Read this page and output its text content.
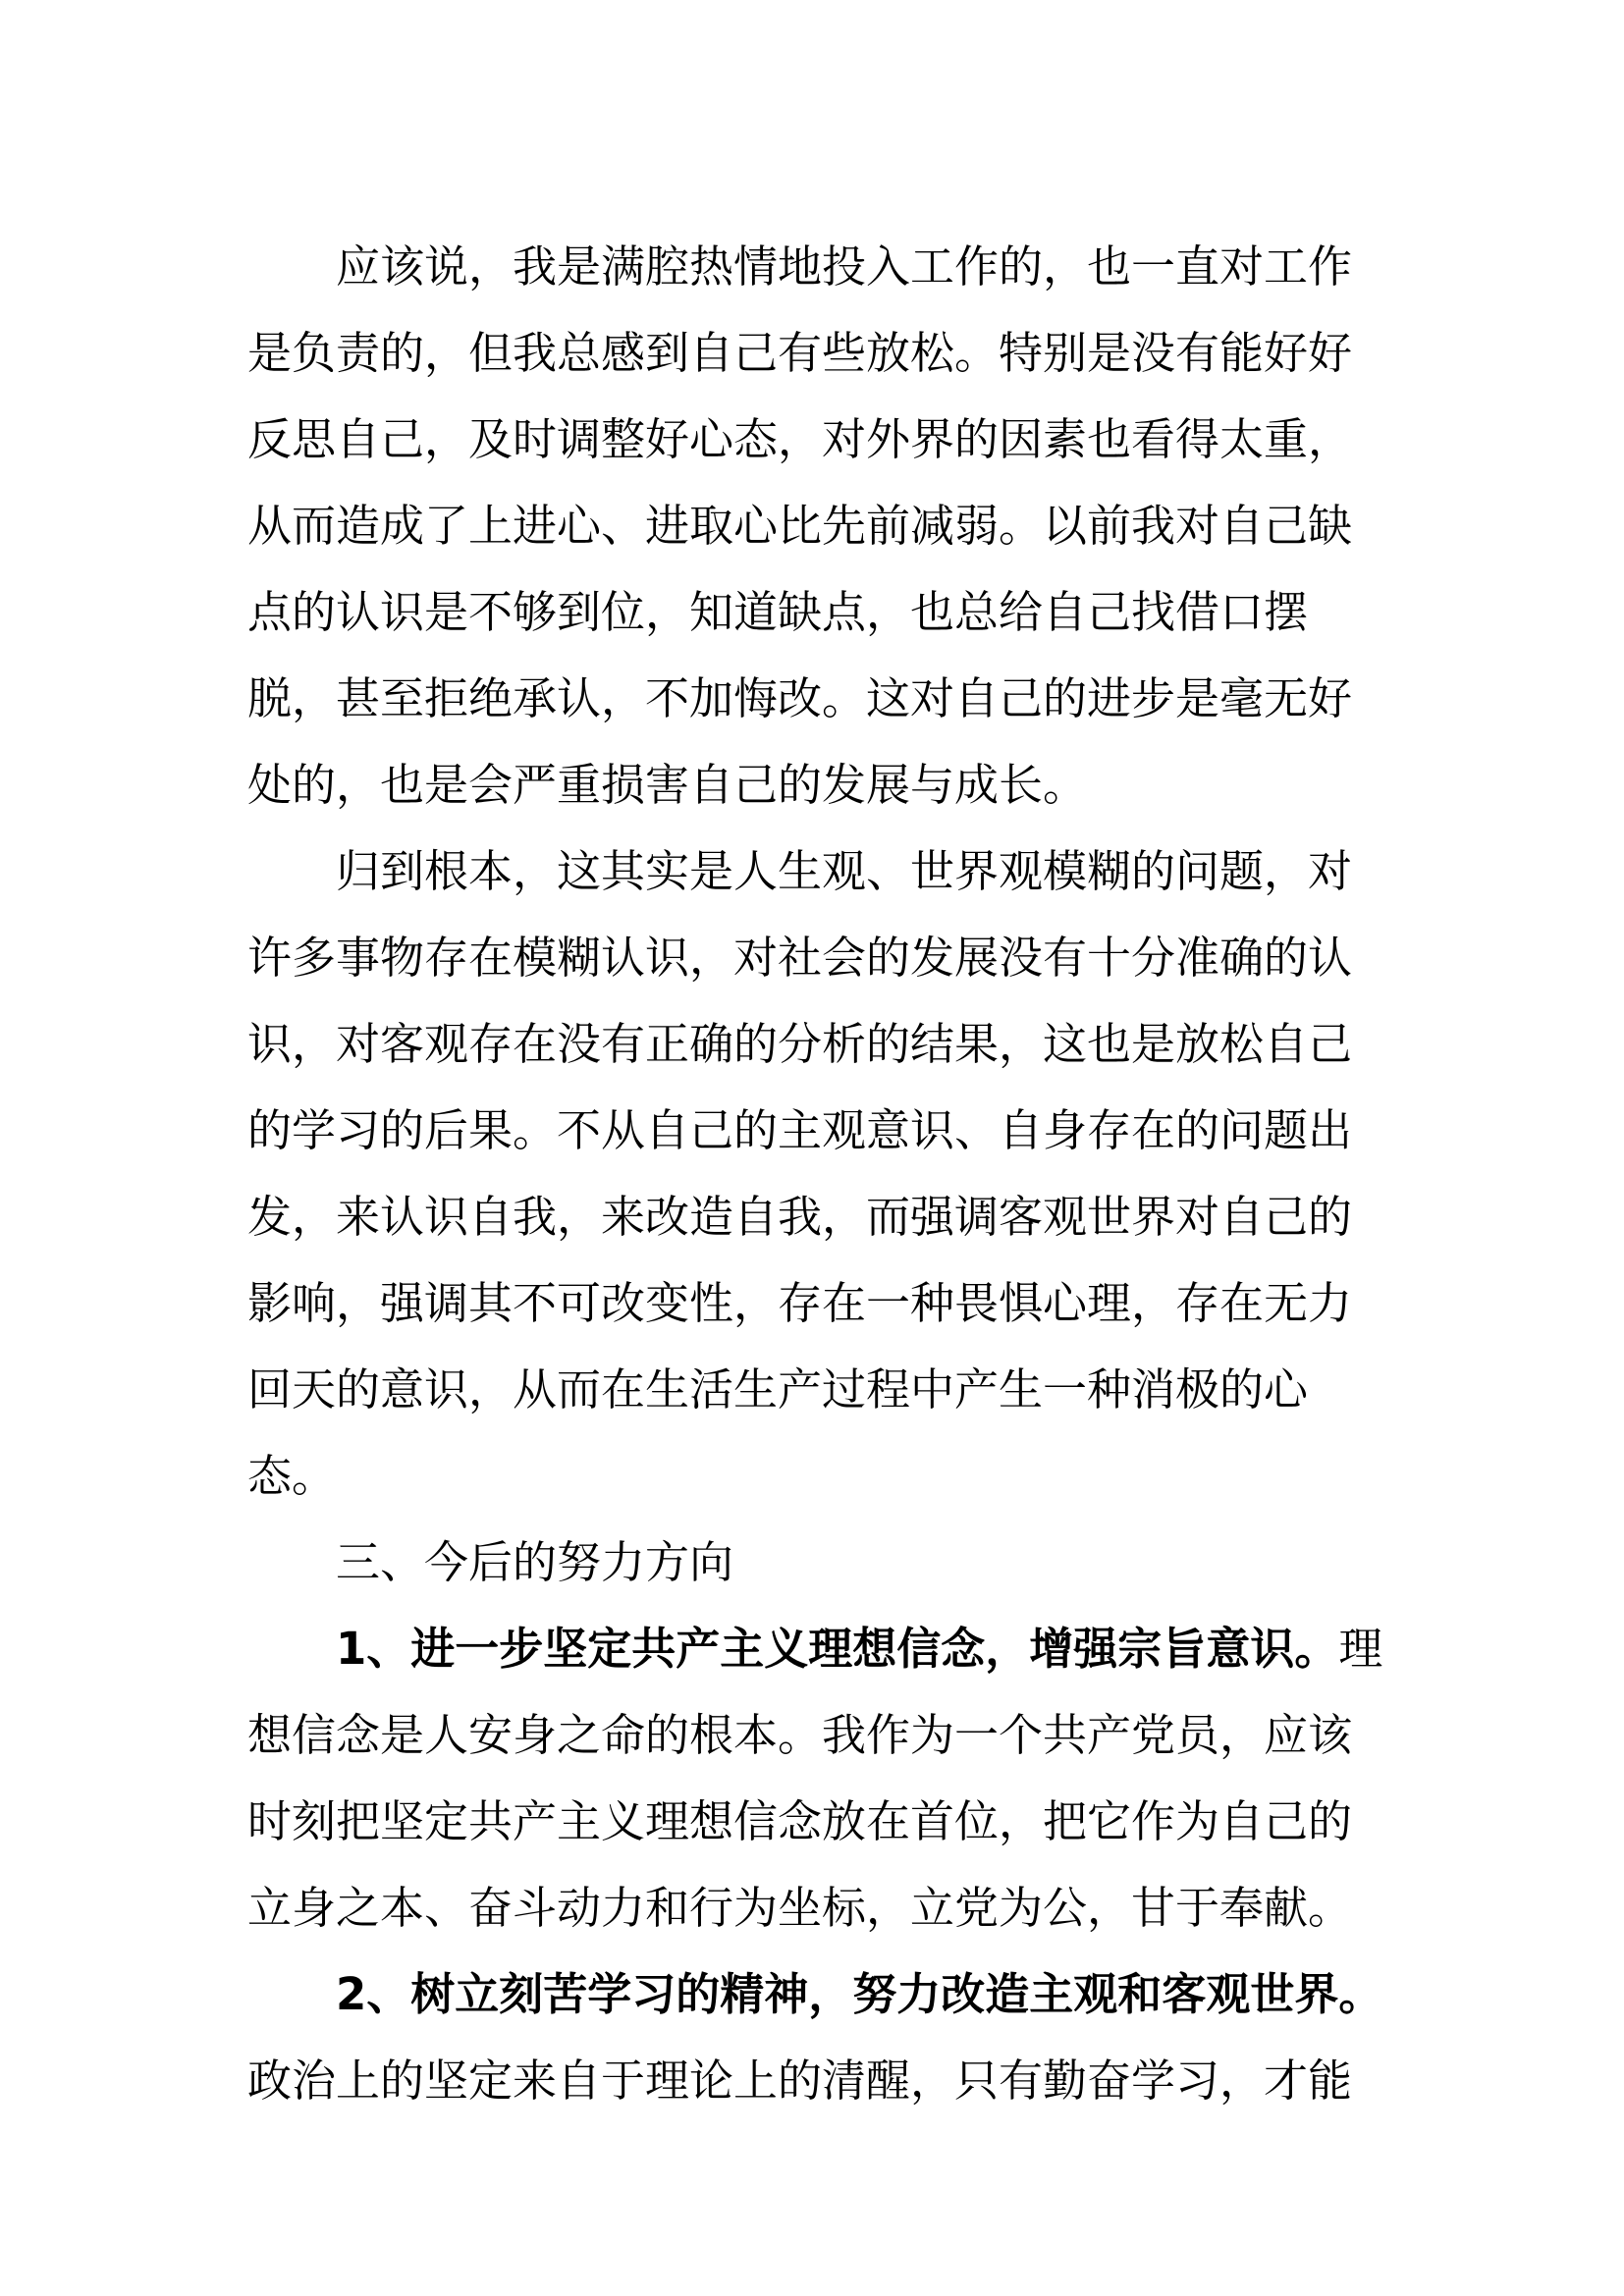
应该说，我是满腔热情地投入工作的，也一直对工作
是负责的，但我总感到自己有些放松。特别是没有能好好
反思自己，及时调整好心态，对外界的因素也看得太重，
从而造成了上进心、进取心比先前减弱。以前我对自己缺
点的认识是不够到位，知道缺点，也总给自己找借口摆
脱，甚至拒绝承认，不加悔改。这对自己的进步是毫无好
处的，也是会严重损害自己的发展与成长。
归到根本，这其实是人生观、世界观模糊的问题，对
许多事物存在模糊认识，对社会的发展没有十分准确的认
识，对客观存在没有正确的分析的结果，这也是放松自己
的学习的后果。不从自己的主观意识、自身存在的问题出
发，来认识自我，来改造自我，而强调客观世界对自己的
影响，强调其不可改变性，存在一种畏惧心理，存在无力
回天的意识，从而在生活生产过程中产生一种消极的心
态。
三、今后的努力方向
1、进一步坚定共产主义理想信念，增强宗旨意识。理
想信念是人安身之命的根本。我作为一个共产党员，应该
时刻把坚定共产主义理想信念放在首位，把它作为自己的
立身之本、奋斗动力和行为坐标，立党为公，甘于奉献。
2、树立刻苦学习的精神，努力改造主观和客观世界。
政治上的坚定来自于理论上的清醒，只有勤奋学习，才能
